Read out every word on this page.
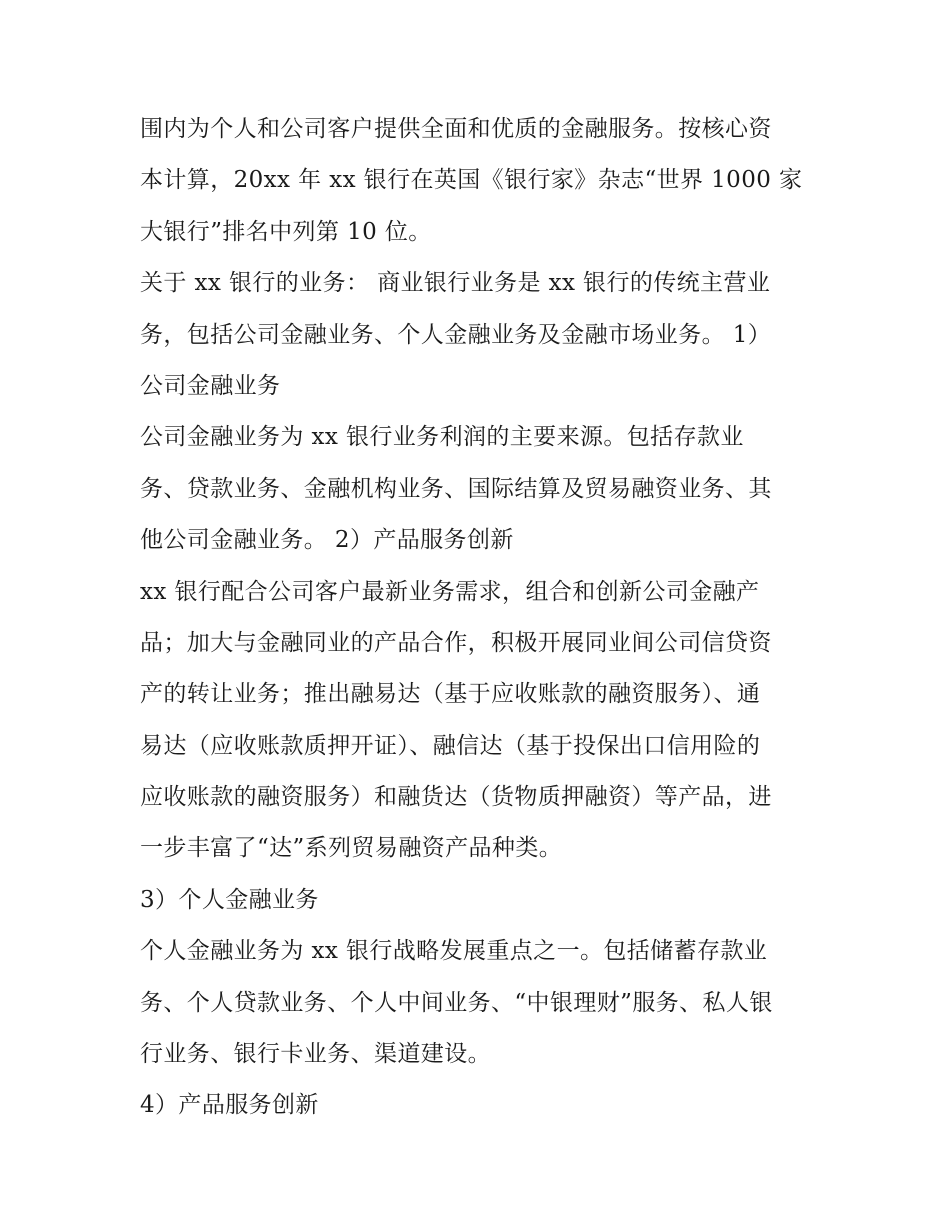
围内为个人和公司客户提供全面和优质的金融服务。按核心资
本计算，20xx 年 xx 银行在英国《银行家》杂志“世界 1000 家
大银行”排名中列第 10 位。
关于 xx 银行的业务： 商业银行业务是 xx 银行的传统主营业
务，包括公司金融业务、个人金融业务及金融市场业务。 1）
公司金融业务
公司金融业务为 xx 银行业务利润的主要来源。包括存款业
务、贷款业务、金融机构业务、国际结算及贸易融资业务、其
他公司金融业务。 2）产品服务创新
xx 银行配合公司客户最新业务需求，组合和创新公司金融产
品；加大与金融同业的产品合作，积极开展同业间公司信贷资
产的转让业务；推出融易达（基于应收账款的融资服务）、通
易达（应收账款质押开证）、融信达（基于投保出口信用险的
应收账款的融资服务）和融货达（货物质押融资）等产品，进
一步丰富了“达”系列贸易融资产品种类。
3）个人金融业务
个人金融业务为 xx 银行战略发展重点之一。包括储蓄存款业
务、个人贷款业务、个人中间业务、“中银理财”服务、私人银
行业务、银行卡业务、渠道建设。
4）产品服务创新
